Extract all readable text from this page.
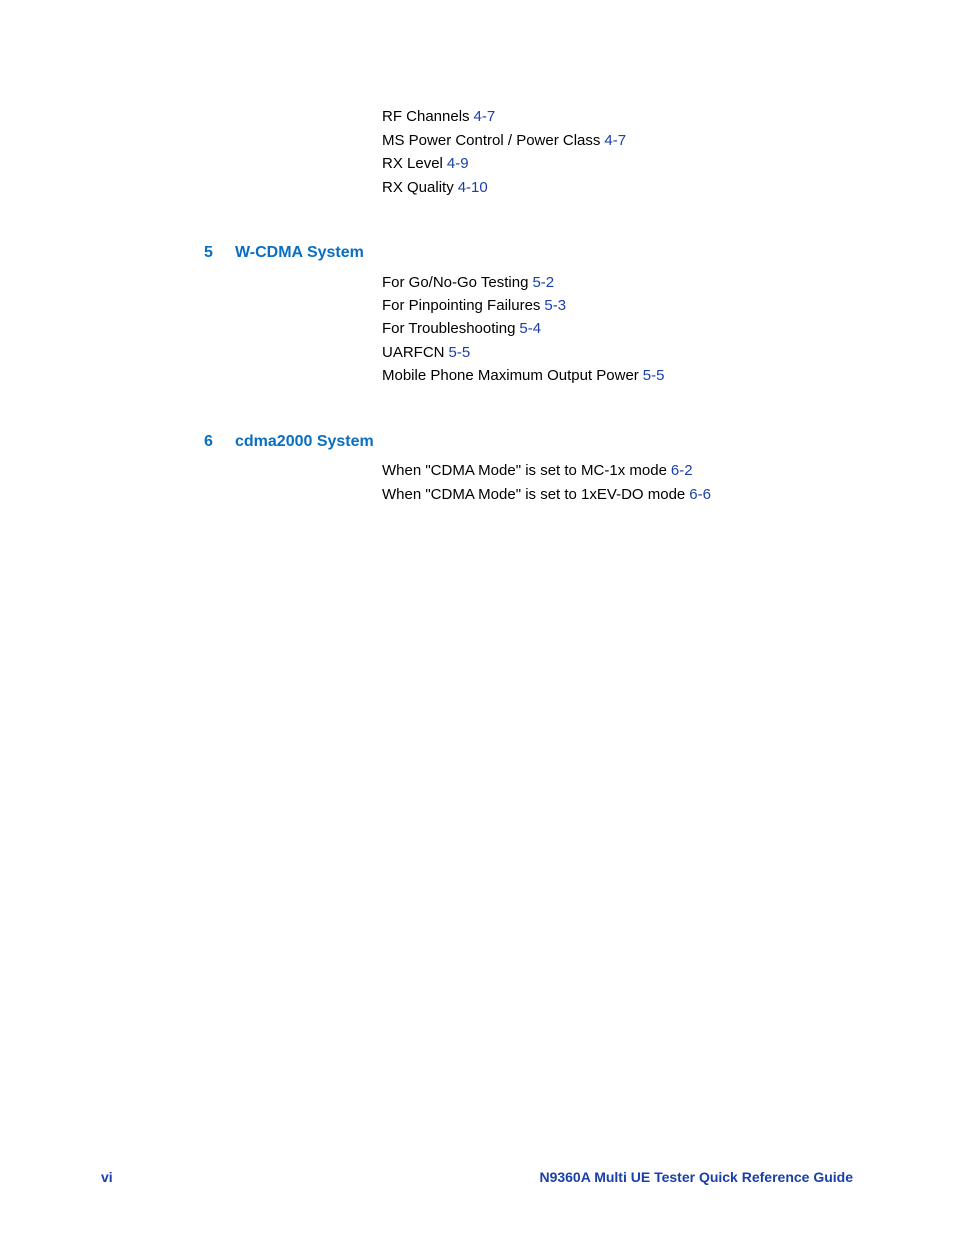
RF Channels 4-7
MS Power Control / Power Class 4-7
RX Level 4-9
RX Quality 4-10
5 W-CDMA System
For Go/No-Go Testing 5-2
For Pinpointing Failures 5-3
For Troubleshooting 5-4
UARFCN 5-5
Mobile Phone Maximum Output Power 5-5
6 cdma2000 System
When "CDMA Mode" is set to MC-1x mode 6-2
When "CDMA Mode" is set to 1xEV-DO mode 6-6
vi	N9360A Multi UE Tester Quick Reference Guide
